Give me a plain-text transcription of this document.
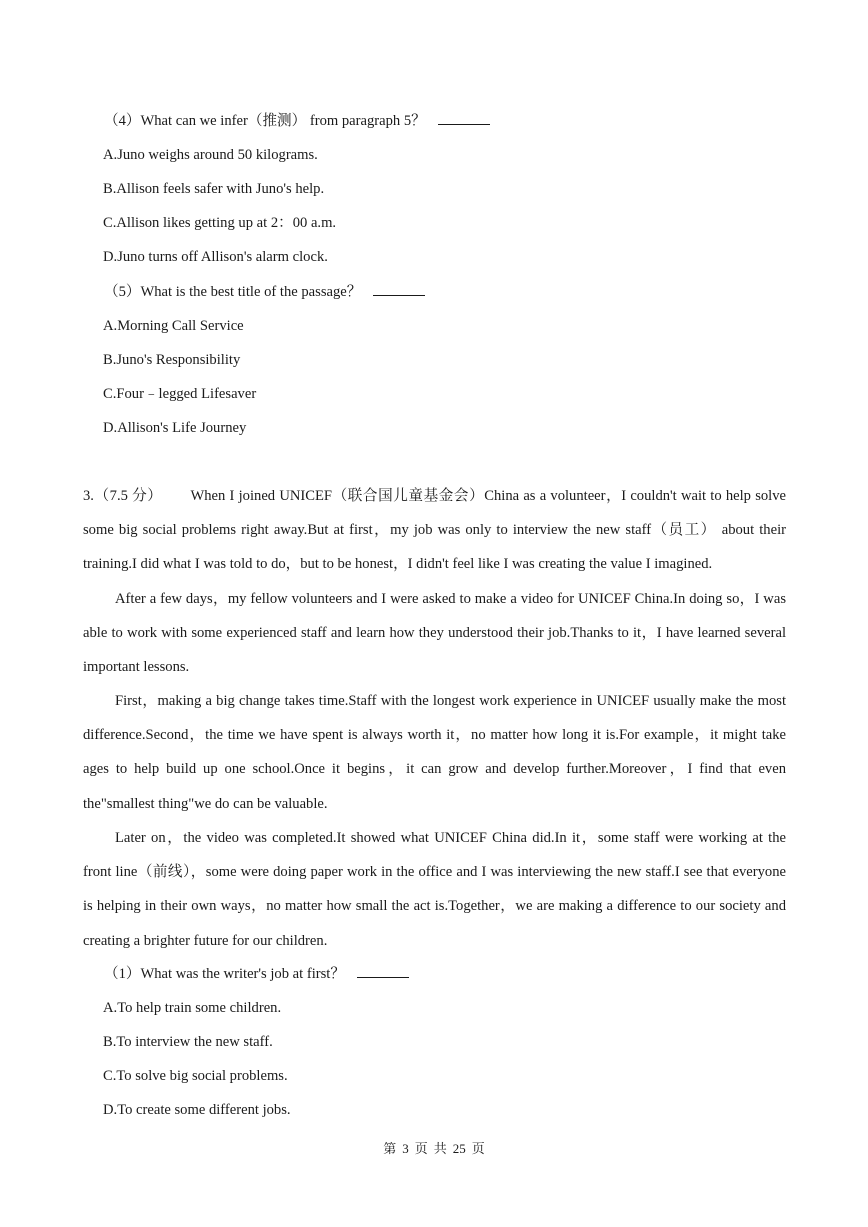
（4）What can we infer（推测） from paragraph 5？
A.Juno weighs around 50 kilograms.
B.Allison feels safer with Juno's help.
C.Allison likes getting up at 2：00 a.m.
D.Juno turns off Allison's alarm clock.
（5）What is the best title of the passage？
A.Morning Call Service
B.Juno's Responsibility
C.Four﹣legged Lifesaver
D.Allison's Life Journey
3.（7.5 分） When I joined UNICEF（联合国儿童基金会）China as a volunteer，I couldn't wait to help solve some big social problems right away.But at first，my job was only to interview the new staff（员工） about their training.I did what I was told to do，but to be honest，I didn't feel like I was creating the value I imagined.
After a few days，my fellow volunteers and I were asked to make a video for UNICEF China.In doing so，I was able to work with some experienced staff and learn how they understood their job.Thanks to it，I have learned several important lessons.
First，making a big change takes time.Staff with the longest work experience in UNICEF usually make the most difference.Second，the time we have spent is always worth it，no matter how long it is.For example，it might take ages to help build up one school.Once it begins，it can grow and develop further.Moreover，I find that even the"smallest thing"we do can be valuable.
Later on，the video was completed.It showed what UNICEF China did.In it，some staff were working at the front line（前线），some were doing paper work in the office and I was interviewing the new staff.I see that everyone is helping in their own ways，no matter how small the act is.Together，we are making a difference to our society and creating a brighter future for our children.
（1）What was the writer's job at first？
A.To help train some children.
B.To interview the new staff.
C.To solve big social problems.
D.To create some different jobs.
第 3 页 共 25 页
